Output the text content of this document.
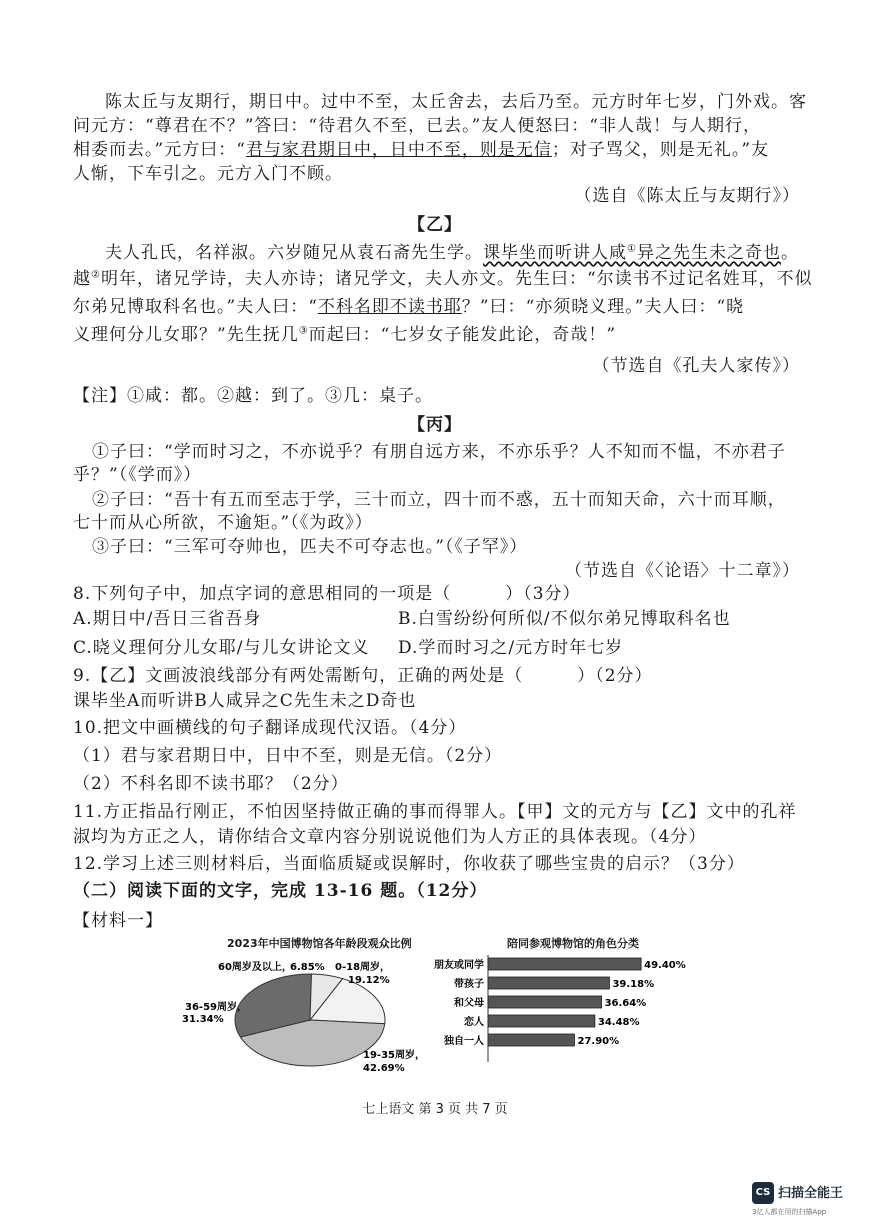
陈太丘与友期行，期日中。过中不至，太丘舍去，去后乃至。元方时年七岁，门外戏。客
问元方：“尊君在不？”答曰：“待君久不至，已去。”友人便怒曰：“非人哉！与人期行，
相委而去。”元方曰：“君与家君期日中，日中不至，则是无信；对子骂父，则是无礼。”友
人惭，下车引之。元方入门不顾。
（选自《陈太丘与友期行》）
【乙】
夫人孔氏，名祥淑。六岁随兄从袁石斋先生学。课毕坐而听讲人咸①异之先生未之奇也。
越②明年，诸兄学诗，夫人亦诗；诸兄学文，夫人亦文。先生曰：“尔读书不过记名姓耳，不似
尔弟兄博取科名也。”夫人曰：“不科名即不读书耶？”曰：“亦须晓义理。”夫人曰：“晓
义理何分儿女耶？”先生抚几③而起曰：“七岁女子能发此论，奇哉！”
（节选自《孔夫人家传》）
【注】①咸：都。②越：到了。③几：桌子。
【丙】
①子曰：“学而时习之，不亦说乎？有朋自远方来，不亦乐乎？人不知而不愠，不亦君子
乎？”（《学而》）
②子曰：“吾十有五而至志于学，三十而立，四十而不惑，五十而知天命，六十而耳顺，
七十而从心所欲，不逾矩。”（《为政》）
③子曰：“三军可夺帅也，匹夫不可夺志也。”（《子罕》）
（节选自《〈论语〉十二章》）
8.下列句子中，加点字词的意思相同的一项是（　　　）（3分）
A.期日中/吾日三省吾身	B.白雪纷纷何所似/不似尔弟兄博取科名也
C.晓义理何分儿女耶/与儿女讲论文义 D.学而时习之/元方时年七岁
9.【乙】文画波浪线部分有两处需断句，正确的两处是（　　　）（2分）
课毕坐A而听讲B人咸异之C先生未之D奇也
10.把文中画横线的句子翻译成现代汉语。（4分）
（1）君与家君期日中，日中不至，则是无信。（2分）
（2）不科名即不读书耶？（2分）
11.方正指品行刚正，不怕因坚持做正确的事而得罪人。【甲】文的元方与【乙】文中的孔祥
淑均为方正之人，请你结合文章内容分别说说他们为人方正的具体表现。（4分）
12.学习上述三则材料后，当面临质疑或误解时，你收获了哪些宝贵的启示？（3分）
（二）阅读下面的文字，完成 13-16 题。（12分）
【材料一】
2023年中国博物馆各年龄段观众比例
0-18周岁，
19.12%
60周岁及以上，
6.85%
36-59周岁，
31.34%
19-35周岁，
42.69%
陪同参观博物馆的角色分类
朋友或同学	49.40%
带孩子	39.18%
和父母	36.64%
恋人	34.48%
独自一人	27.90%
七上语文 第 3 页 共 7 页
CS 扫描全能王
3亿人都在用的扫描App
